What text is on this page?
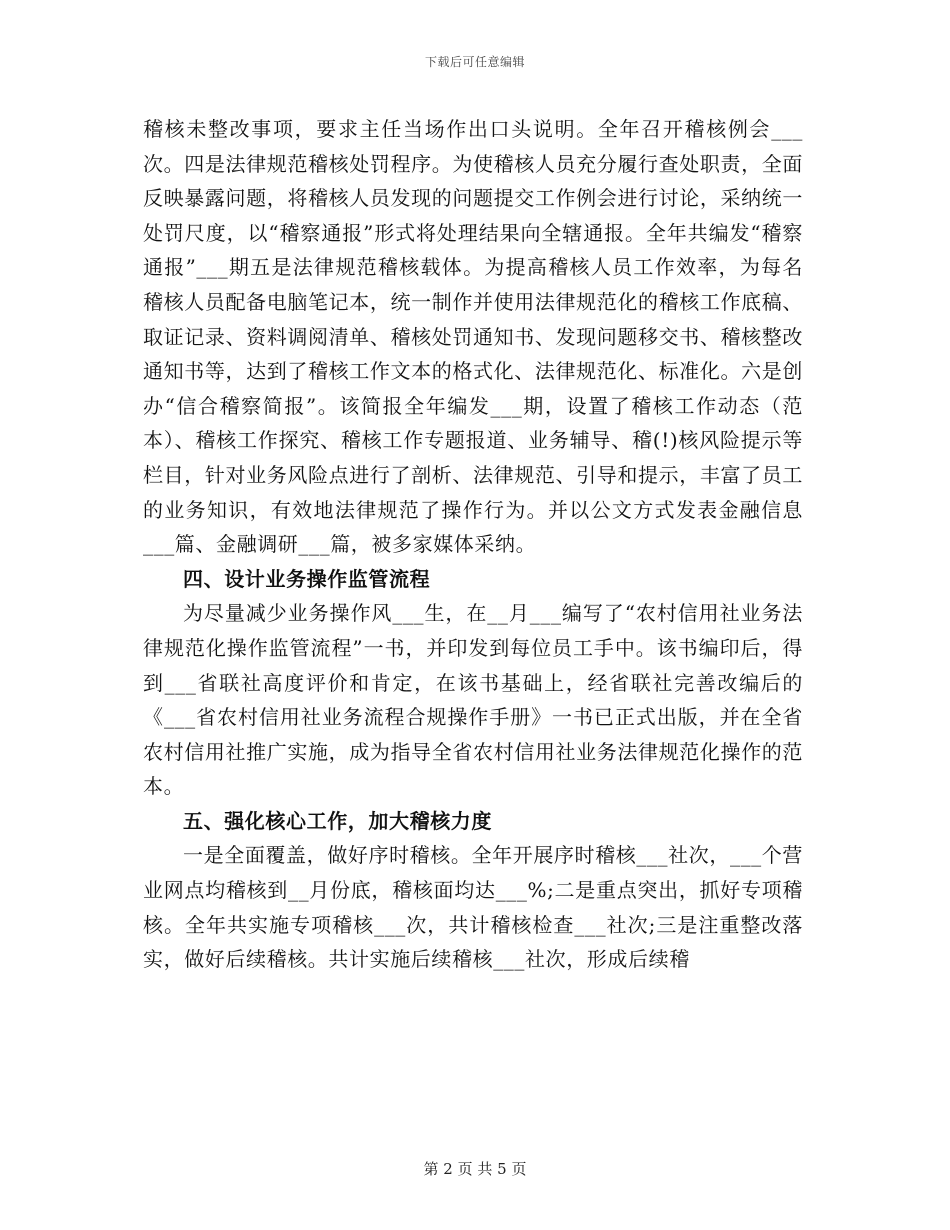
下载后可任意编辑

稽核未整改事项，要求主任当场作出口头说明。全年召开稽核例会___次。四是法律规范稽核处罚程序。为使稽核人员充分履行查处职责，全面反映暴露问题，将稽核人员发现的问题提交工作例会进行讨论，采纳统一处罚尺度，以“稽察通报”形式将处理结果向全辖通报。全年共编发“稽察通报”___期五是法律规范稽核载体。为提高稽核人员工作效率，为每名稽核人员配备电脑笔记本，统一制作并使用法律规范化的稽核工作底稿、取证记录、资料调阅清单、稽核处罚通知书、发现问题移交书、稽核整改通知书等，达到了稽核工作文本的格式化、法律规范化、标准化。六是创办“信合稽察简报”。该简报全年编发___期，设置了稽核工作动态（范本）、稽核工作探究、稽核工作专题报道、业务辅导、稽(!)核风险提示等栏目，针对业务风险点进行了剖析、法律规范、引导和提示，丰富了员工的业务知识，有效地法律规范了操作行为。并以公文方式发表金融信息___篇、金融调研___篇，被多家媒体采纳。

四、设计业务操作监管流程

为尽量减少业务操作风___生，在__月___编写了“农村信用社业务法律规范化操作监管流程”一书，并印发到每位员工手中。该书编印后，得到___省联社高度评价和肯定，在该书基础上，经省联社完善改编后的《___省农村信用社业务流程合规操作手册》一书已正式出版，并在全省农村信用社推广实施，成为指导全省农村信用社业务法律规范化操作的范本。

五、强化核心工作，加大稽核力度

一是全面覆盖，做好序时稽核。全年开展序时稽核___社次，___个营业网点均稽核到__月份底，稽核面均达___%;二是重点突出，抓好专项稽核。全年共实施专项稽核___次，共计稽核检查___社次;三是注重整改落实，做好后续稽核。共计实施后续稽核___社次，形成后续稽

第 2 页 共 5 页
